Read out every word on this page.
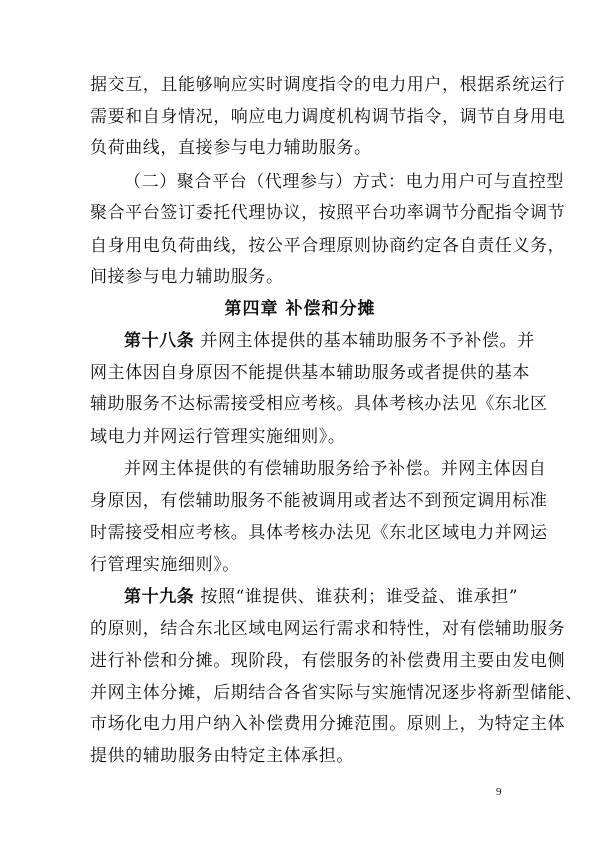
据交互，且能够响应实时调度指令的电力用户，根据系统运行
需要和自身情况，响应电力调度机构调节指令，调节自身用电
负荷曲线，直接参与电力辅助服务。
（二）聚合平台（代理参与）方式：电力用户可与直控型
聚合平台签订委托代理协议，按照平台功率调节分配指令调节
自身用电负荷曲线，按公平合理原则协商约定各自责任义务，
间接参与电力辅助服务。
第四章 补偿和分摊
第十八条 并网主体提供的基本辅助服务不予补偿。并
网主体因自身原因不能提供基本辅助服务或者提供的基本
辅助服务不达标需接受相应考核。具体考核办法见《东北区
域电力并网运行管理实施细则》。
并网主体提供的有偿辅助服务给予补偿。并网主体因自
身原因，有偿辅助服务不能被调用或者达不到预定调用标准
时需接受相应考核。具体考核办法见《东北区域电力并网运
行管理实施细则》。
第十九条 按照“谁提供、谁获利；谁受益、谁承担”
的原则，结合东北区域电网运行需求和特性，对有偿辅助服务
进行补偿和分摊。现阶段，有偿服务的补偿费用主要由发电侧
并网主体分摊，后期结合各省实际与实施情况逐步将新型储能、
市场化电力用户纳入补偿费用分摊范围。原则上，为特定主体
提供的辅助服务由特定主体承担。
9
